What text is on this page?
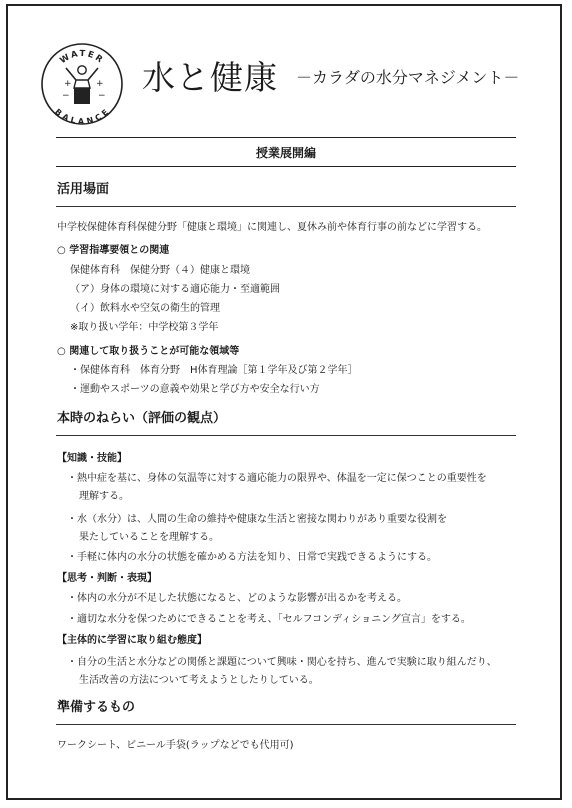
WATER
BALANCE
+	+
−	− 水と健康 －カラダの水分マネジメント－
授業展開編
活用場面
中学校保健体育科保健分野「健康と環境」に関連し、夏休み前や体育行事の前などに学習する。
○ 学習指導要領との関連
保健体育科　保健分野（４）健康と環境
（ア）身体の環境に対する適応能力・至適範囲
（イ）飲料水や空気の衛生的管理
※取り扱い学年：中学校第３学年
○ 関連して取り扱うことが可能な領域等
・保健体育科　体育分野　H体育理論［第１学年及び第２学年］
・運動やスポーツの意義や効果と学び方や安全な行い方
本時のねらい（評価の観点）
【知識・技能】
・熱中症を基に、身体の気温等に対する適応能力の限界や、体温を一定に保つことの重要性を
理解する。
・水（水分）は、人間の生命の維持や健康な生活と密接な関わりがあり重要な役割を
果たしていることを理解する。
・手軽に体内の水分の状態を確かめる方法を知り、日常で実践できるようにする。
【思考・判断・表現】
・体内の水分が不足した状態になると、どのような影響が出るかを考える。
・適切な水分を保つためにできることを考え、「セルフコンディショニング宣言」をする。
【主体的に学習に取り組む態度】
・自分の生活と水分などの関係と課題について興味・関心を持ち、進んで実験に取り組んだり、
生活改善の方法について考えようとしたりしている。
準備するもの
ワークシート、ビニール手袋(ラップなどでも代用可)
